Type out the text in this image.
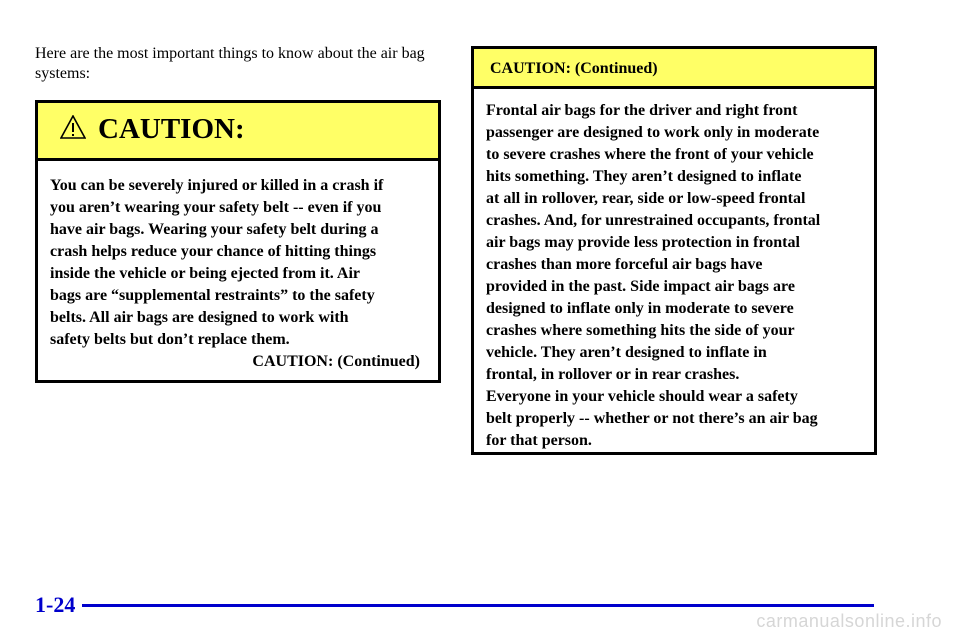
Here are the most important things to know about the air bag systems:
CAUTION:
You can be severely injured or killed in a crash if
you aren’t wearing your safety belt -- even if you
have air bags. Wearing your safety belt during a
crash helps reduce your chance of hitting things
inside the vehicle or being ejected from it. Air
bags are “supplemental restraints” to the safety
belts. All air bags are designed to work with
safety belts but don’t replace them.
CAUTION: (Continued)
CAUTION: (Continued)
Frontal air bags for the driver and right front
passenger are designed to work only in moderate
to severe crashes where the front of your vehicle
hits something. They aren’t designed to inflate
at all in rollover, rear, side or low-speed frontal
crashes. And, for unrestrained occupants, frontal
air bags may provide less protection in frontal
crashes than more forceful air bags have
provided in the past. Side impact air bags are
designed to inflate only in moderate to severe
crashes where something hits the side of your
vehicle. They aren’t designed to inflate in
frontal, in rollover or in rear crashes.
Everyone in your vehicle should wear a safety
belt properly -- whether or not there’s an air bag
for that person.
1-24
carmanualsonline.info
